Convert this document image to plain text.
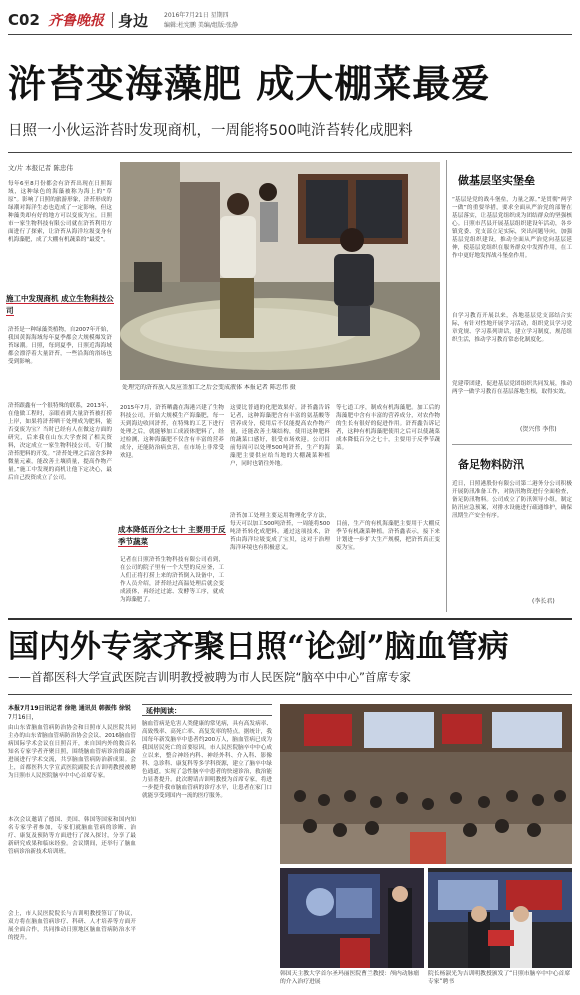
C02 齐鲁晚报 身边	2016年7月21日 星期四
编辑:杜宪鹏 美编/组版:张静
浒苔变海藻肥 成大棚菜最爱
日照一小伙运浒苔时发现商机，一周能将500吨浒苔转化成肥料
文/片 本报记者 陈忠伟
每年6至8月份都会有浒苔出现在日照海域，这种绿色的海藻被称为海上的“草原”。影响了日照的旅游形象，浒苔形成的绿潮对海洋生态也造成了一定影响，但这种藻类却有好的地方可以变废为宝。日照市一家生物科技有限公司就在浒苔利用方面进行了探索，让浒苔从海洋垃圾变身有机海藻肥，成了大棚有机蔬菜的“最爱”。
施工中发现商机 成立生物科技公司
浒苔是一种绿藻类植物，自2007年开始，我国黄海海域每年夏季都会大规模爆发浒苔绿潮。日照，每到夏季，日照近海海域都会漂浮着大量浒苔，一些沿海的浴场也受到影响。
浒苔跟鑫有一个很特殊的联系，2013年，在他做工程时，亲眼看到大量浒苔被打捞上岸，如果将浒苔晒干处理成为肥料，能否变废为宝？当时已经有人在做这方面的研究，后来我在山东大学查阅了相关资料，决定成立一家生物科技公司，专门做浒苔肥料的开发。“浒苔处理之后富含多种微量元素，能改善土壤质量，提高作物产量。”施工中发现的商机让他下定决心，最后自己投资成立了公司。
处理完的浒苔放入反应釜加工之后会变成液体 本报记者 陈忠伟 摄
2015年7月，浒苔晒鑫在海港兴建了生物科技公司，开始大规模生产海藻肥，每一天到海边收回浒苔，在特殊的工艺下进行处理之后，就能够加工成液体肥料了，经过检测，这种海藻肥不仅含有丰富的营养成分，还能防治病虫害，在市场上非常受欢迎。
成本降低百分之七十 主要用于反季节蔬菜
记者在日照浒苔生物科技有限公司看到，在公司的院子里有一个大型的反应釜，工人们正将打捞上来的浒苔倒入设备中，工作人员介绍，浒苔经过高温处理后就会变成液体，再经过过滤、发酵等工序，就成为海藻肥了。
这要比普通的化肥效果好。浒苔鑫告诉记者，这种海藻肥含有丰富的氨基酸等营养成分，使用后不仅能提高农作物产量，还能改善土壤结构，使用这种肥料的蔬菜口感好，很受市场欢迎。公司目前每周可以处理500吨浒苔，生产的海藻肥主要供应给当地的大棚蔬菜种植户，同时也销往外地。
浒苔加工处理主要运用物理化学方法，每天可以加工500吨浒苔，一周能将500吨浒苔转化成肥料。通过这项技术，浒苔由海洋垃圾变成了宝贝，这对于治理海洋环境也有积极意义。
等七道工序，制成有机海藻肥。加工后的海藻肥中含有丰富的营养成分，对农作物的生长有很好的促进作用。浒苔鑫告诉记者，这种有机海藻肥使用之后可以使蔬菜成本降低百分之七十，主要用于反季节蔬菜。
目前，生产的有机海藻肥主要用于大棚反季节有机蔬菜种植。浒苔鑫表示，接下来计划进一步扩大生产规模，把浒苔真正变废为宝。
做基层坚实堡垒
“基层是党的战斗堡垒，力量之源。”是贯彻“两学一做”的重要举措，要求全面从严治党的部署在基层落实，让基层党组织成为团结群众的坚强核心。日照市莒县开展基层组织建设年活动，各乡镇党委、党支部立足实际，突出问题导向，加强基层党组织建设，推动全面从严治党向基层延伸，使基层党组织在服务群众中发挥作用，在工作中更好地发挥战斗堡垒作用。
自学习教育开展以来，各地基层党支部结合实际，有针对性地开展学习活动，组织党员学习党章党规、学习系列讲话，建立学习制度，规范组织生活，推动学习教育常态化制度化。
党建带团建，促进基层党团组织共同发展，推动两学一做学习教育在基层落地生根，取得实效。
(贺兴伟 李伟)
备足物料防汛
近日，日照港股份有限公司第二港务分公司积极开展防汛准备工作，对防汛物资进行全面检查，备足防汛物料。公司成立了防汛领导小组，制定防汛应急预案，对排水设施进行疏通维护，确保汛期生产安全有序。
(李长君)
国内外专家齐聚日照“论剑”脑血管病
——首都医科大学宣武医院吉训明教授被聘为市人民医院“脑卒中中心”首席专家
本报7月19日讯记者 徐艳 通讯员 韩振伟 徐锐 7月16日，
由山东省脑血管病防治协会和日照市人民医院共同主办的山东省脑血管病防治协会会议、2016脑血管病国际学术会议在日照召开，来自国内外的数百名知名专家学者齐聚日照，围绕脑血管病诊治的最新进展进行学术交流，共享脑血管病防治新成果。会上，首都医科大学宣武医院副院长吉训明教授被聘为日照市人民医院脑卒中中心首席专家。
本次会议邀请了德国、美国、韩国等国家和国内知名专家学者参加，专家们就脑血管病的诊断、治疗、康复及预防等方面进行了深入探讨，分享了最新研究成果和临床经验。会议期间，还举行了脑血管病诊治新技术培训班。
会上，市人民医院院长与吉训明教授签订了协议，双方将在脑血管病诊疗、科研、人才培养等方面开展全面合作，共同推动日照地区脑血管病防治水平的提升。
延伸阅读：
脑血管病是危害人类健康的常见病，具有高发病率、高致残率、高死亡率、高复发率的特点。据统计，我国每年新发脑卒中患者约200万人，脑血管病已成为我国居民死亡的首要原因。市人民医院脑卒中中心成立以来，整合神经内科、神经外科、介入科、影像科、急诊科、康复科等多学科资源，建立了脑卒中绿色通道，实现了急性脑卒中患者的快速诊治，救治能力显著提升。此次聘请吉训明教授为首席专家，将进一步提升我市脑血管病的诊疗水平，让患者在家门口就能享受到国内一流的医疗服务。
韩国天主教大学首尔圣玛丽医院曹兰教授：颅内动脉瘤的介入治疗进展
院长杨淑光为吉训明教授颁发了“日照市脑卒中中心首席专家”聘书
